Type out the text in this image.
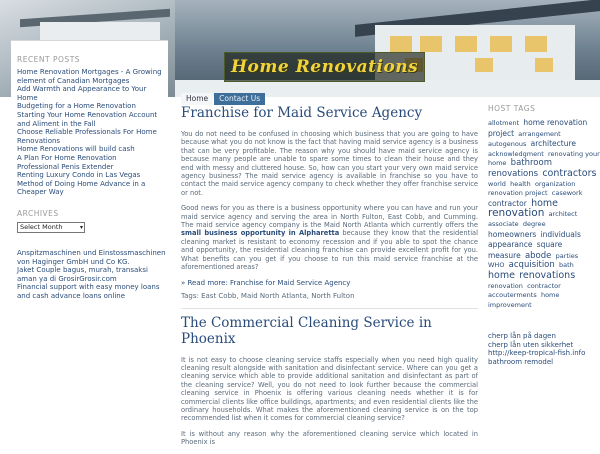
Home Renovations
Home Contact Us
RECENT POSTS
Home Renovation Mortgages - A Growing element of Canadian Mortgages
Add Warmth and Appearance to Your Home
Budgeting for a Home Renovation
Starting Your Home Renovation Account and Aliment in the Fall
Choose Reliable Professionals For Home Renovations
Home Renovations will build cash
A Plan For Home Renovation
Professional Penis Extender
Renting Luxury Condo in Las Vegas
Method of Doing Home Advance in a Cheaper Way
ARCHIVES
Select Month	▾
Anspitzmaschinen und Einstossmaschinen von Haginger GmbH und Co KG.
Jaket Couple bagus, murah, transaksi aman ya di GrosirGrosir.com
Financial support with easy money loans and cash advance loans online
Franchise for Maid Service Agency
You do not need to be confused in choosing which business that you are going to have because what you do not know is the fact that having maid service agency is a business that can be very profitable. The reason why you should have maid service agency is because many people are unable to spare some times to clean their house and they end with messy and cluttered house. So, how can you start your very own maid service agency business? The maid service agency is available in franchise so you have to contact the maid service agency company to check whether they offer franchise service or not.
Good news for you as there is a business opportunity where you can have and run your maid service agency and serving the area in North Fulton, East Cobb, and Cumming. The maid service agency company is the Maid North Atlanta which currently offers the small business opportunity in Alpharetta because they know that the residential cleaning market is resistant to economy recession and if you able to spot the chance and opportunity, the residential cleaning franchise can provide excellent profit for you. What benefits can you get if you choose to run this maid service franchise at the aforementioned areas?
» Read more: Franchise for Maid Service Agency
Tags: East Cobb, Maid North Atlanta, North Fulton
The Commercial Cleaning Service in Phoenix
It is not easy to choose cleaning service staffs especially when you need high quality cleaning result alongside with sanitation and disinfectant service. Where can you get a cleaning service which able to provide additional sanitation and disinfectant as part of the cleaning service? Well, you do not need to look further because the commercial cleaning service in Phoenix is offering various cleaning needs whether it is for commercial clients like office buildings, apartments; and even residential clients like the ordinary households. What makes the aforementioned cleaning service is on the top recommended list when it comes for commercial cleaning service?
It is without any reason why the aforementioned cleaning service which located in Phoenix is
HOST TAGS
allotment home renovation project arrangement autogenous architecture acknowledgment renovating your home bathroom renovations contractors world health organization renovation project casework contractor home renovation architect associate degree homeowners individuals appearance square measure abode parties WHO acquisition bath home renovations renovation contractor accouterments home improvement
cherp lån på dagen
cherp lån uten sikkerhet
http://keep-tropical-fish.info
bathroom remodel
